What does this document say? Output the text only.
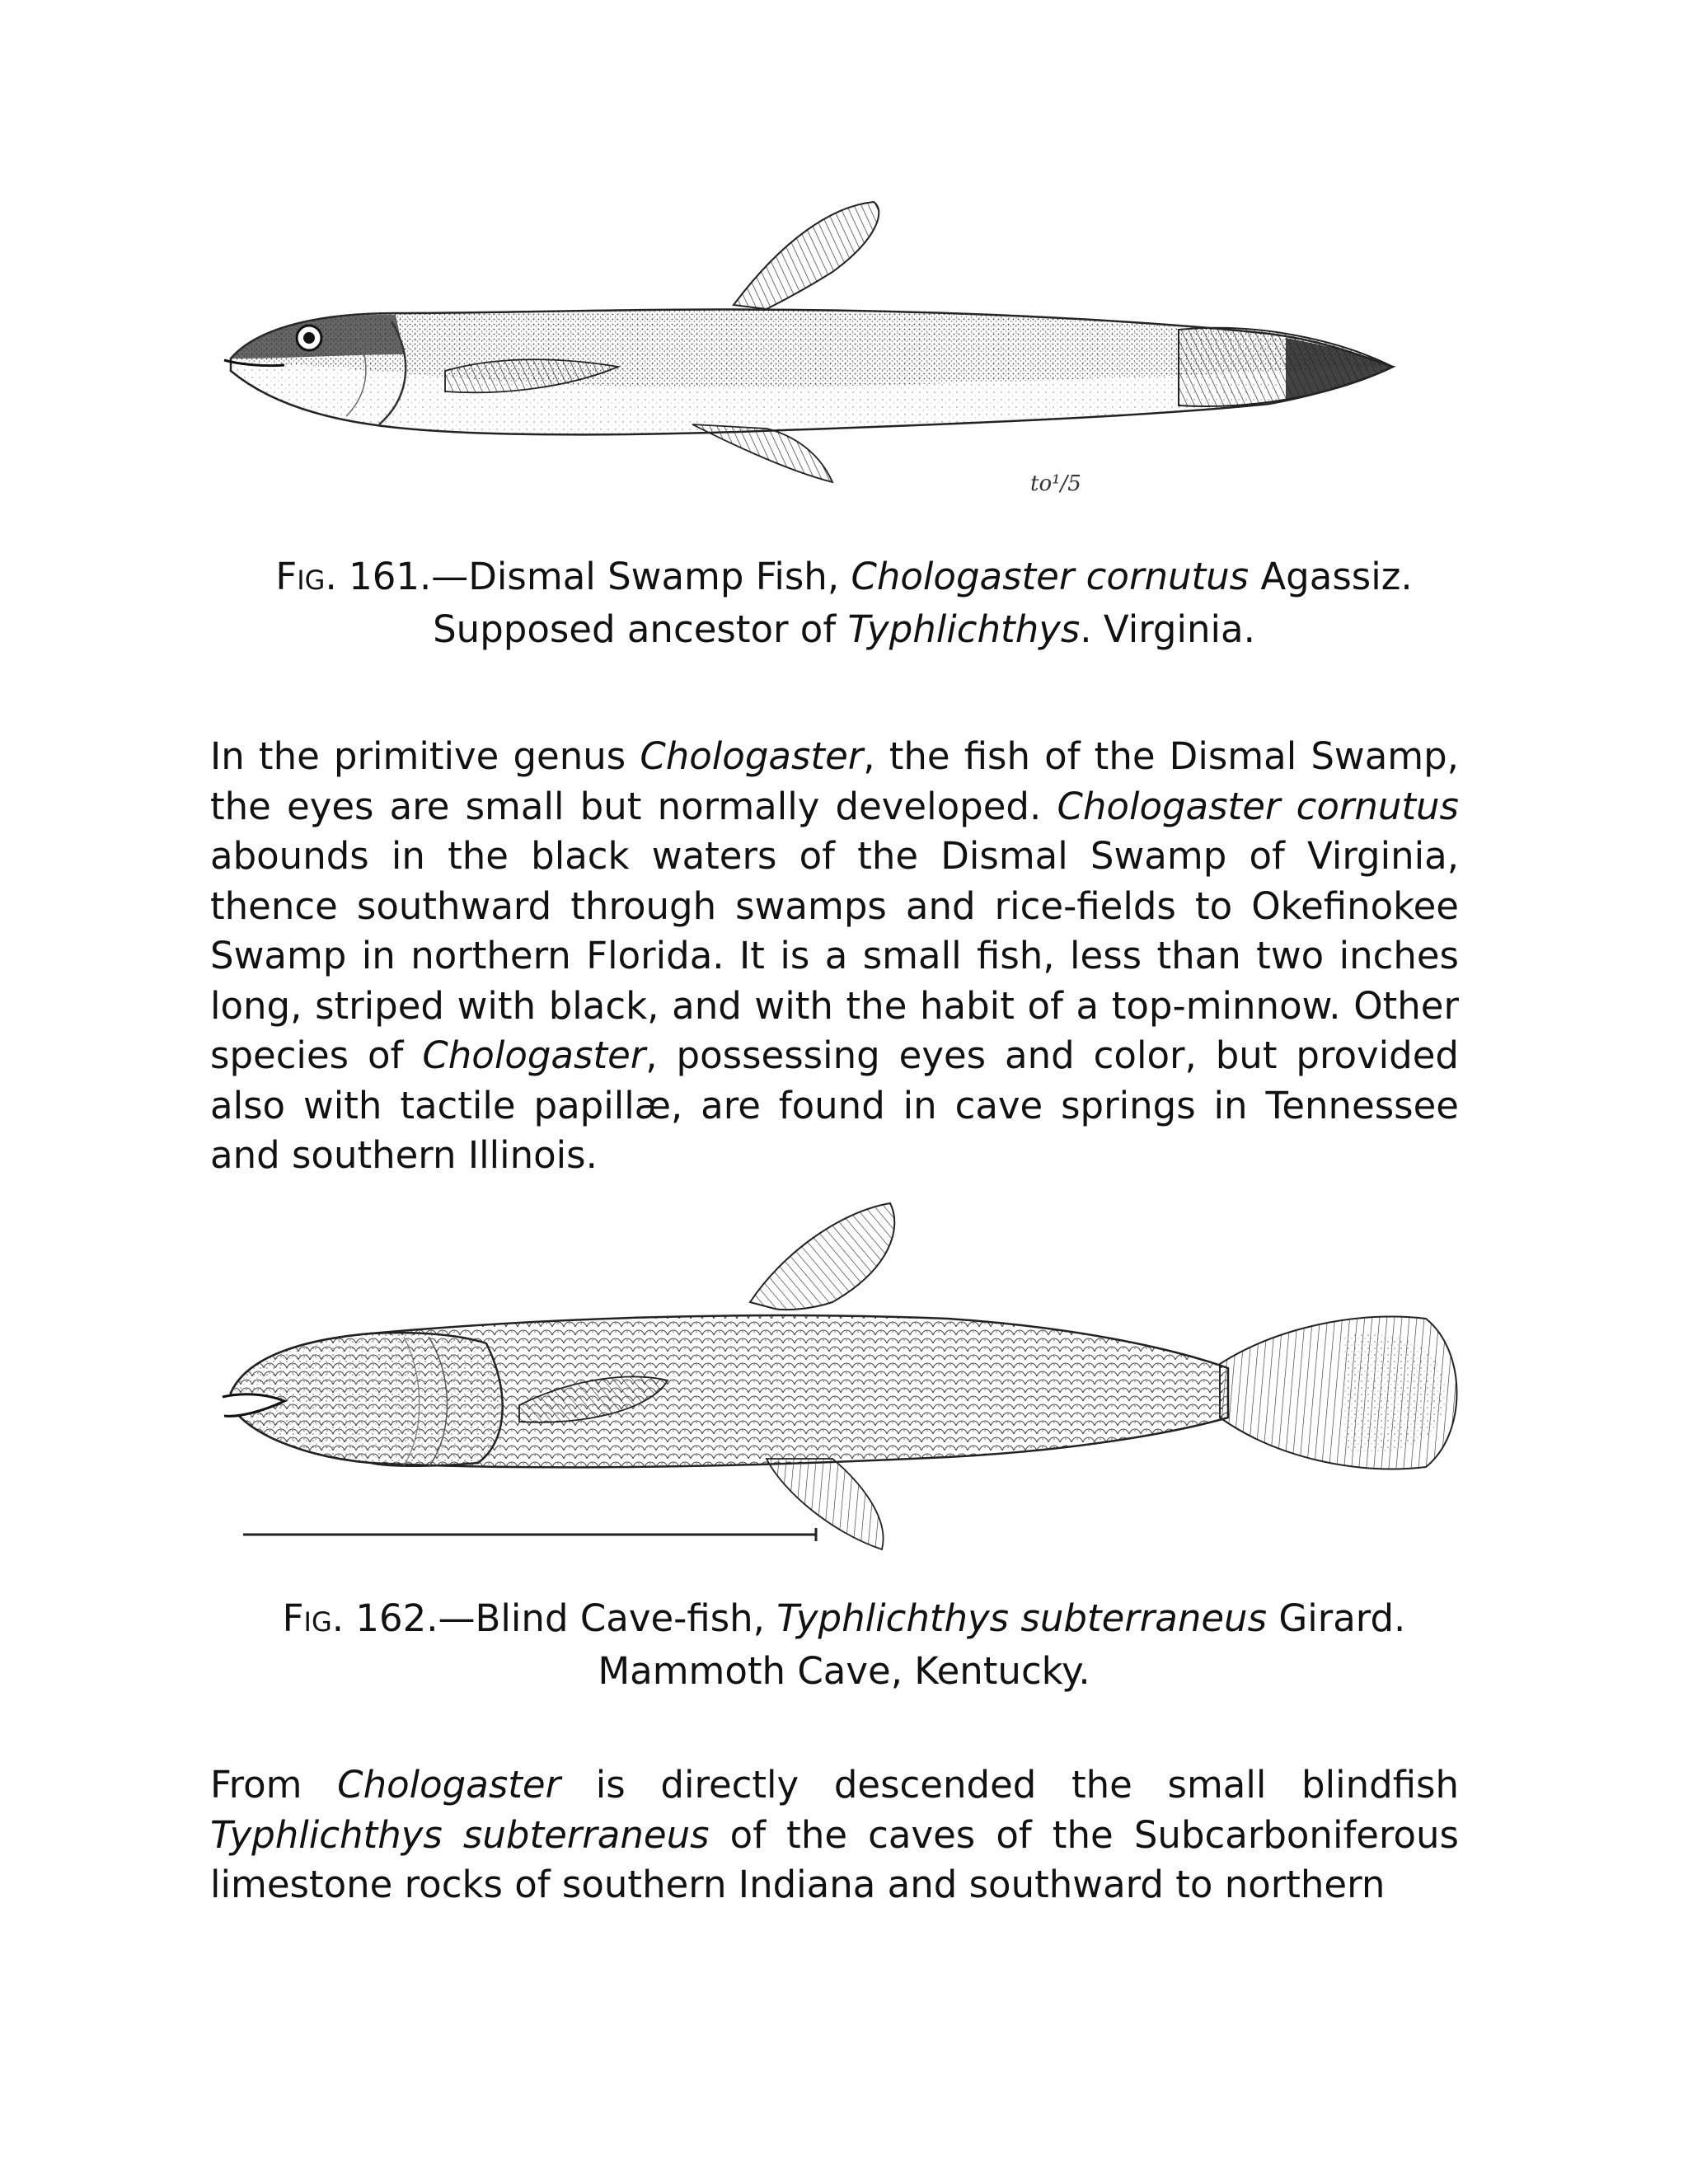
to¹/5
Fig. 161.—Dismal Swamp Fish, Chologaster cornutus Agassiz.
Supposed ancestor of Typhlichthys. Virginia.
In the primitive genus Chologaster, the fish of the Dismal Swamp, the eyes are small but normally developed. Chologaster cornutus abounds in the black waters of the Dismal Swamp of Virginia, thence southward through swamps and rice-fields to Okefinokee Swamp in northern Florida. It is a small fish, less than two inches long, striped with black, and with the habit of a top-minnow. Other species of Chologaster, possessing eyes and color, but provided also with tactile papillæ, are found in cave springs in Tennessee and southern Illinois.
Fig. 162.—Blind Cave-fish, Typhlichthys subterraneus Girard.
Mammoth Cave, Kentucky.
From Chologaster is directly descended the small blindfish Typhlichthys subterraneus of the caves of the Subcarboniferous limestone rocks of southern Indiana and southward to northern
